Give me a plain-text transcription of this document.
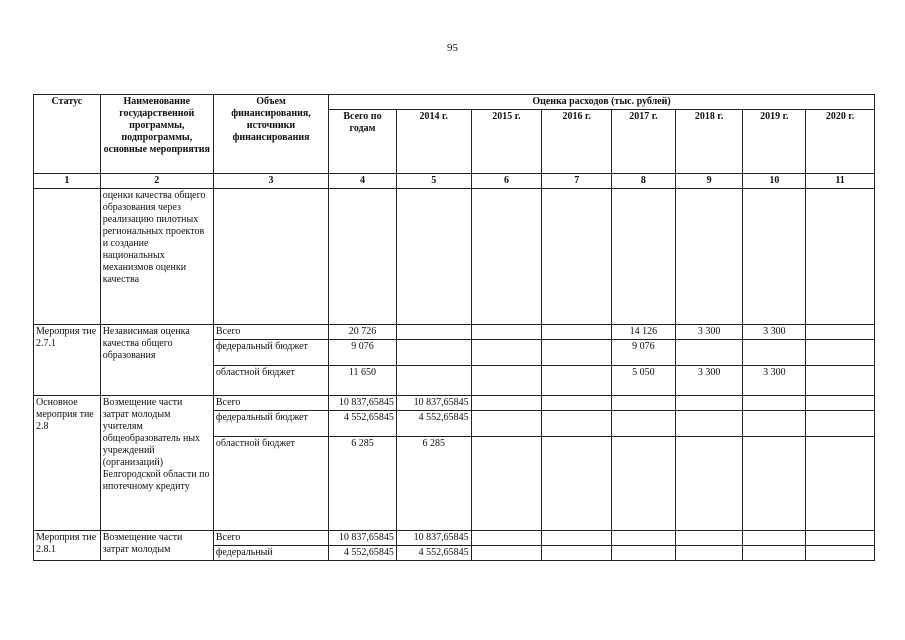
95
Статус	Наименование государственной программы, подпрограммы, основные мероприятия	Объем финансирования, источники финансирования	Оценка расходов (тыс. рублей)							
			Всего по годам	2014 г.	2015 г.	2016 г.	2017 г.	2018 г.	2019 г.	2020 г.
1	2	3	4	5	6	7	8	9	10	11
	оценки качества общего образования через реализацию пилотных региональных проектов и создание национальных механизмов оценки качества									
Мероприя тие 2.7.1	Независимая оценка качества общего образования	Всего	20 726				14 126	3 300	3 300	
		федеральный бюджет	9 076				9 076			
		областной бюджет	11 650				5 050	3 300	3 300	
Основное мероприя тие 2.8	Возмещение части затрат молодым учителям общеобразователь ных учреждений (организаций) Белгородской области по ипотечному кредиту	Всего	10 837,65845	10 837,65845						
		федеральный бюджет	4 552,65845	4 552,65845						
		областной бюджет	6 285	6 285						
Мероприя тие 2.8.1	Возмещение части затрат молодым	Всего	10 837,65845	10 837,65845						
		федеральный	4 552,65845	4 552,65845						
